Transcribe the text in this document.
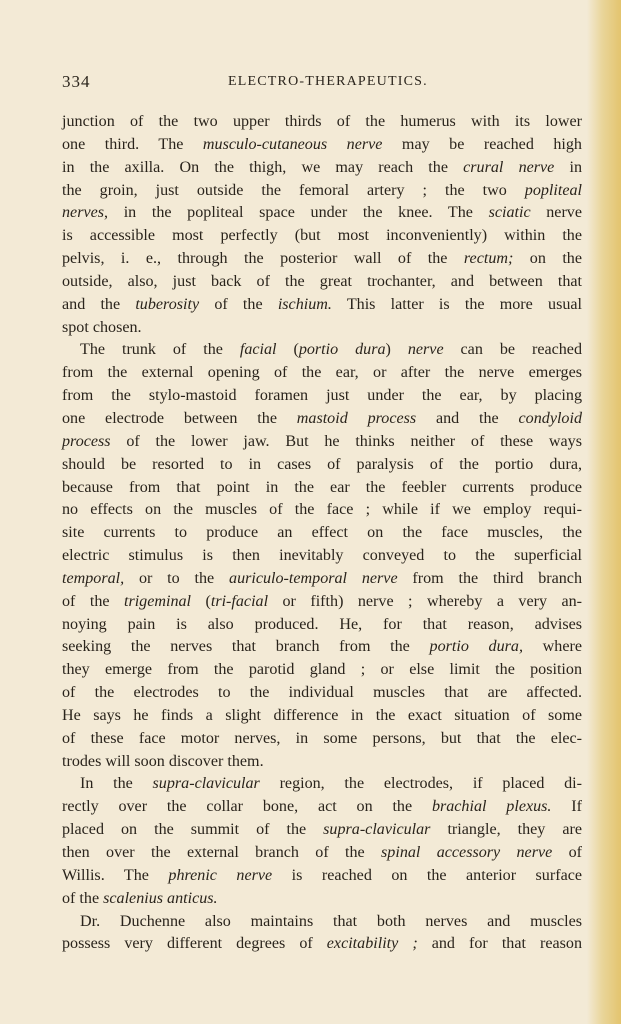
334	ELECTRO-THERAPEUTICS.
junction of the two upper thirds of the humerus with its lower
one third. The musculo-cutaneous nerve may be reached high
in the axilla. On the thigh, we may reach the crural nerve in
the groin, just outside the femoral artery ; the two popliteal
nerves, in the popliteal space under the knee. The sciatic nerve
is accessible most perfectly (but most inconveniently) within the
pelvis, i. e., through the posterior wall of the rectum; on the
outside, also, just back of the great trochanter, and between that
and the tuberosity of the ischium. This latter is the more usual
spot chosen.
The trunk of the facial (portio dura) nerve can be reached
from the external opening of the ear, or after the nerve emerges
from the stylo-mastoid foramen just under the ear, by placing
one electrode between the mastoid process and the condyloid
process of the lower jaw. But he thinks neither of these ways
should be resorted to in cases of paralysis of the portio dura,
because from that point in the ear the feebler currents produce
no effects on the muscles of the face ; while if we employ requi-
site currents to produce an effect on the face muscles, the
electric stimulus is then inevitably conveyed to the superficial
temporal, or to the auriculo-temporal nerve from the third branch
of the trigeminal (tri-facial or fifth) nerve ; whereby a very an-
noying pain is also produced. He, for that reason, advises
seeking the nerves that branch from the portio dura, where
they emerge from the parotid gland ; or else limit the position
of the electrodes to the individual muscles that are affected.
He says he finds a slight difference in the exact situation of some
of these face motor nerves, in some persons, but that the elec-
trodes will soon discover them.
In the supra-clavicular region, the electrodes, if placed di-
rectly over the collar bone, act on the brachial plexus. If
placed on the summit of the supra-clavicular triangle, they are
then over the external branch of the spinal accessory nerve of
Willis. The phrenic nerve is reached on the anterior surface
of the scalenius anticus.
Dr. Duchenne also maintains that both nerves and muscles
possess very different degrees of excitability ; and for that reason
